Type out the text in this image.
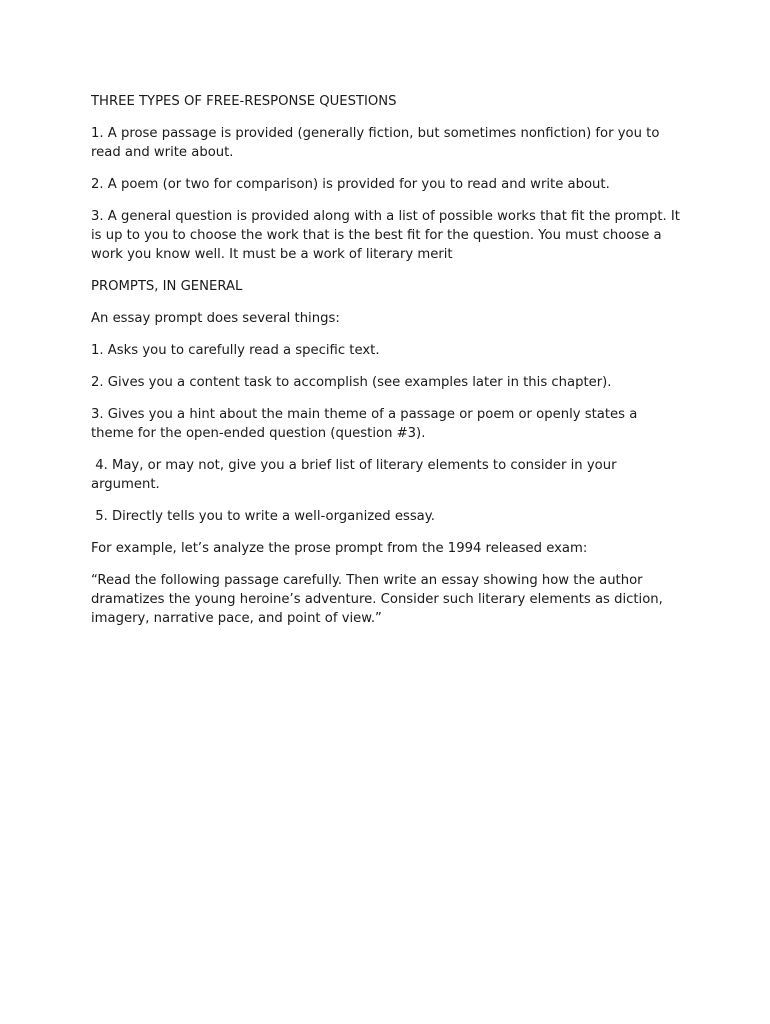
THREE TYPES OF FREE-RESPONSE QUESTIONS

1. A prose passage is provided (generally fiction, but sometimes nonfiction) for you to read and write about.

2. A poem (or two for comparison) is provided for you to read and write about.

3. A general question is provided along with a list of possible works that fit the prompt. It is up to you to choose the work that is the best fit for the question. You must choose a work you know well. It must be a work of literary merit

PROMPTS, IN GENERAL

An essay prompt does several things:

1. Asks you to carefully read a specific text.

2. Gives you a content task to accomplish (see examples later in this chapter).

3. Gives you a hint about the main theme of a passage or poem or openly states a theme for the open-ended question (question #3).

4. May, or may not, give you a brief list of literary elements to consider in your argument.

5. Directly tells you to write a well-organized essay.

For example, let’s analyze the prose prompt from the 1994 released exam:

“Read the following passage carefully. Then write an essay showing how the author dramatizes the young heroine’s adventure. Consider such literary elements as diction, imagery, narrative pace, and point of view.”
